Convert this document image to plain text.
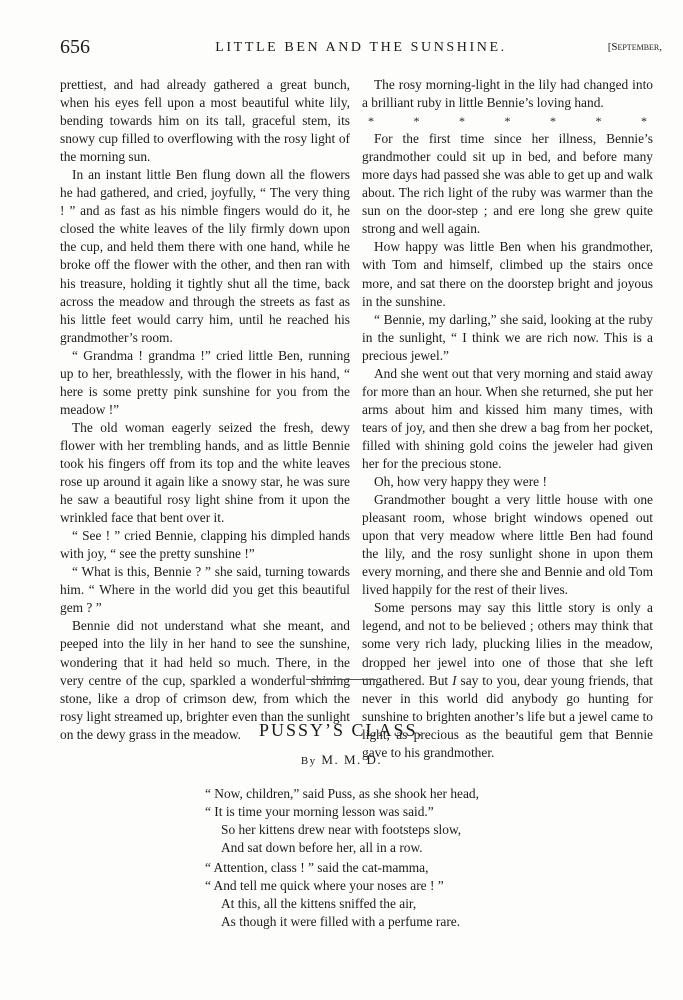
656	LITTLE BEN AND THE SUNSHINE.	[September,

prettiest, and had already gathered a great bunch, when his eyes fell upon a most beautiful white lily, bending towards him on its tall, graceful stem, its snowy cup filled to overflowing with the rosy light of the morning sun.

In an instant little Ben flung down all the flowers he had gathered, and cried, joyfully, “ The very thing ! ” and as fast as his nimble fingers would do it, he closed the white leaves of the lily firmly down upon the cup, and held them there with one hand, while he broke off the flower with the other, and then ran with his treasure, holding it tightly shut all the time, back across the meadow and through the streets as fast as his little feet would carry him, until he reached his grandmother’s room.

“ Grandma ! grandma !” cried little Ben, running up to her, breathlessly, with the flower in his hand, “ here is some pretty pink sunshine for you from the meadow !”

The old woman eagerly seized the fresh, dewy flower with her trembling hands, and as little Bennie took his fingers off from its top and the white leaves rose up around it again like a snowy star, he was sure he saw a beautiful rosy light shine from it upon the wrinkled face that bent over it.

“ See ! ” cried Bennie, clapping his dimpled hands with joy, “ see the pretty sunshine !”

“ What is this, Bennie ? ” she said, turning towards him. “ Where in the world did you get this beautiful gem ? ”

Bennie did not understand what she meant, and peeped into the lily in her hand to see the sunshine, wondering that it had held so much. There, in the very centre of the cup, sparkled a wonderful shining stone, like a drop of crimson dew, from which the rosy light streamed up, brighter even than the sunlight on the dewy grass in the meadow.

The rosy morning-light in the lily had changed into a brilliant ruby in little Bennie’s loving hand.

*	*	*	*	*	*	*

For the first time since her illness, Bennie’s grandmother could sit up in bed, and before many more days had passed she was able to get up and walk about. The rich light of the ruby was warmer than the sun on the door-step ; and ere long she grew quite strong and well again.

How happy was little Ben when his grandmother, with Tom and himself, climbed up the stairs once more, and sat there on the doorstep bright and joyous in the sunshine.

“ Bennie, my darling,” she said, looking at the ruby in the sunlight, “ I think we are rich now. This is a precious jewel.”

And she went out that very morning and staid away for more than an hour. When she returned, she put her arms about him and kissed him many times, with tears of joy, and then she drew a bag from her pocket, filled with shining gold coins the jeweler had given her for the precious stone.

Oh, how very happy they were !

Grandmother bought a very little house with one pleasant room, whose bright windows opened out upon that very meadow where little Ben had found the lily, and the rosy sunlight shone in upon them every morning, and there she and Bennie and old Tom lived happily for the rest of their lives.

Some persons may say this little story is only a legend, and not to be believed ; others may think that some very rich lady, plucking lilies in the meadow, dropped her jewel into one of those that she left ungathered. But I say to you, dear young friends, that never in this world did anybody go hunting for sunshine to brighten another’s life but a jewel came to light, as precious as the beautiful gem that Bennie gave to his grandmother.

PUSSY’S CLASS.
By M. M. D.
“ Now, children,” said Puss, as she shook her head,
“ It is time your morning lesson was said.”
So her kittens drew near with footsteps slow,
And sat down before her, all in a row.
“ Attention, class ! ” said the cat-mamma,
“ And tell me quick where your noses are ! ”
At this, all the kittens sniffed the air,
As though it were filled with a perfume rare.
